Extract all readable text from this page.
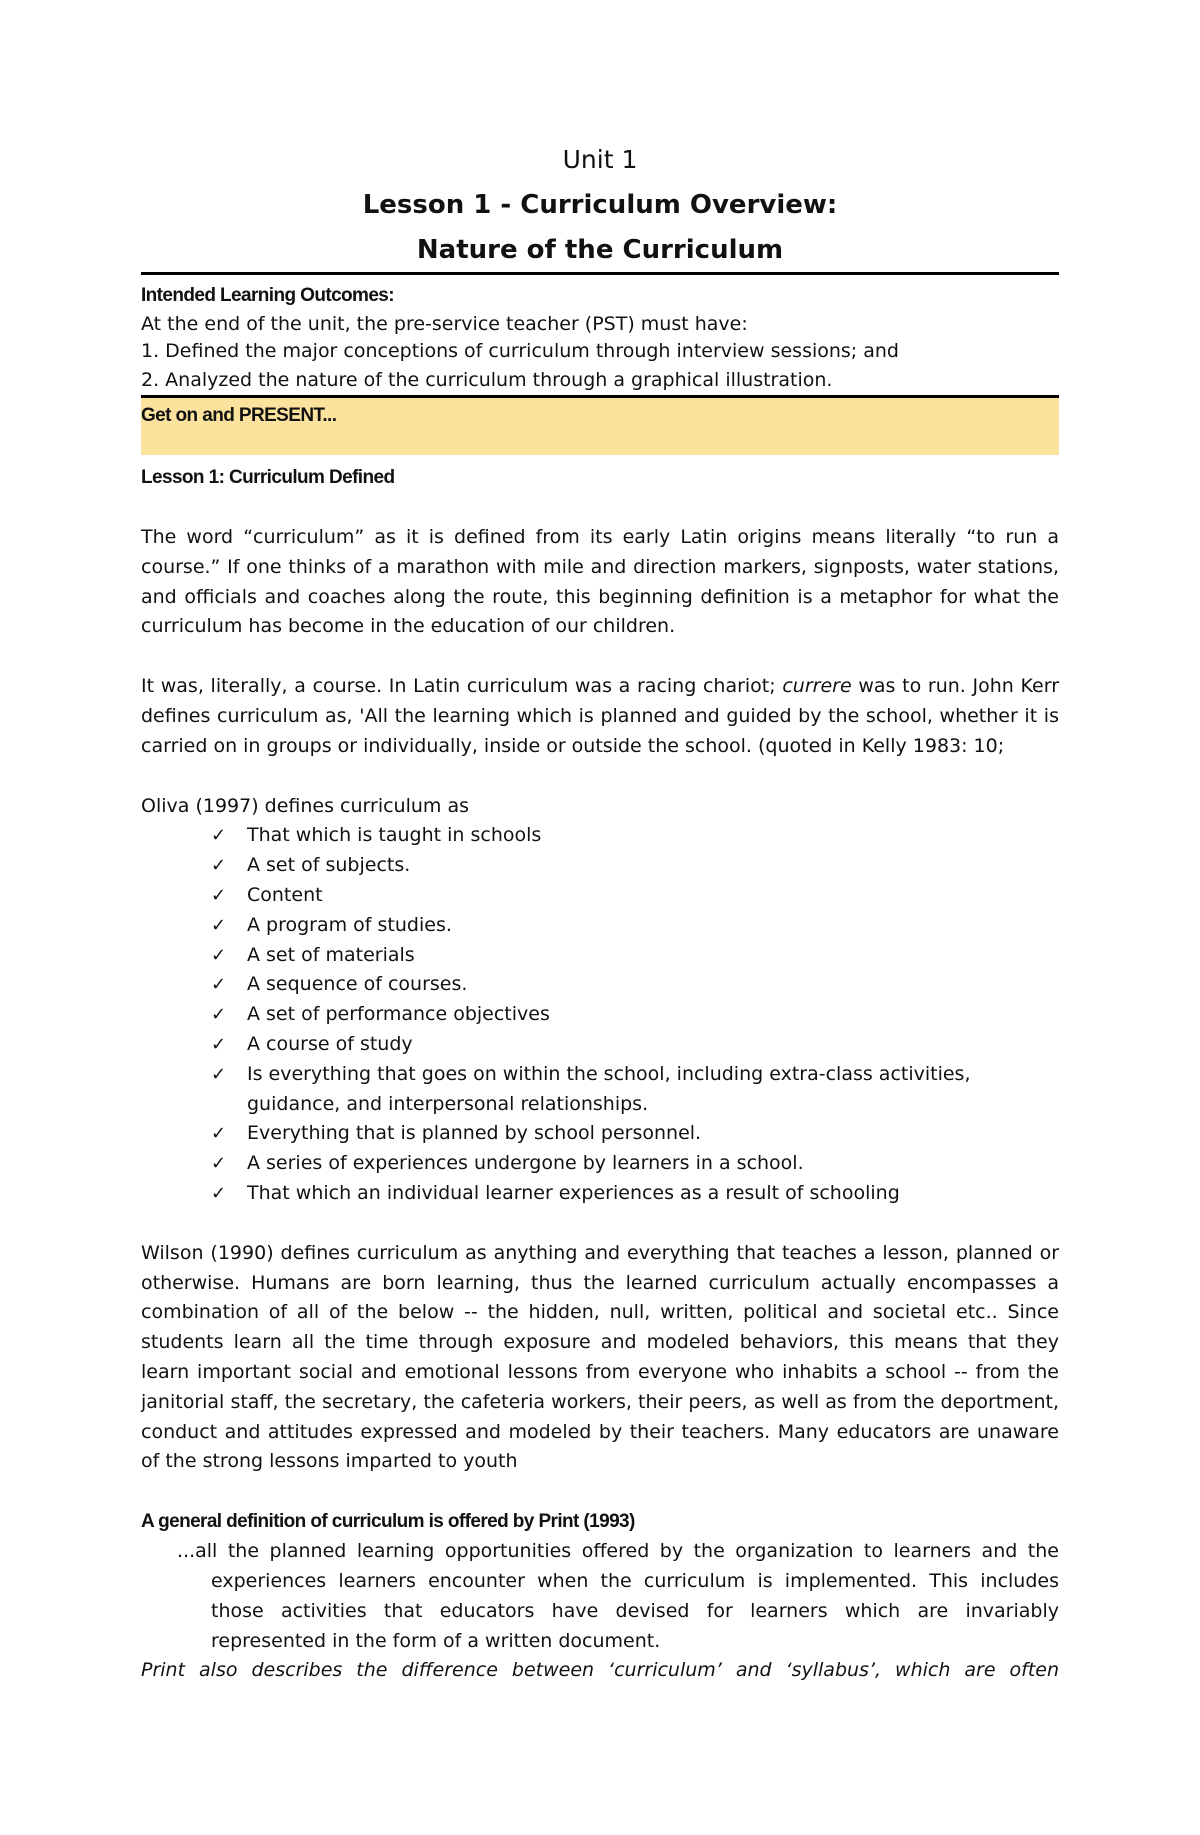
Unit 1
Lesson 1 - Curriculum Overview:
Nature of the Curriculum
Intended Learning Outcomes:
At the end of the unit, the pre-service teacher (PST) must have:
1. Defined the major conceptions of curriculum through interview sessions; and
2. Analyzed the nature of the curriculum through a graphical illustration.
Get on and PRESENT...
Lesson 1: Curriculum Defined

The word “curriculum” as it is defined from its early Latin origins means literally “to run a course.” If one thinks of a marathon with mile and direction markers, signposts, water stations, and officials and coaches along the route, this beginning definition is a metaphor for what the curriculum has become in the education of our children.

It was, literally, a course. In Latin curriculum was a racing chariot; currere was to run. John Kerr defines curriculum as, 'All the learning which is planned and guided by the school, whether it is carried on in groups or individually, inside or outside the school. (quoted in Kelly 1983: 10;

Oliva (1997) defines curriculum as

✓ That which is taught in schools
✓ A set of subjects.
✓ Content
✓ A program of studies.
✓ A set of materials
✓ A sequence of courses.
✓ A set of performance objectives
✓ A course of study
✓ Is everything that goes on within the school, including extra-class activities, guidance, and interpersonal relationships.
✓ Everything that is planned by school personnel.
✓ A series of experiences undergone by learners in a school.
✓ That which an individual learner experiences as a result of schooling

Wilson (1990) defines curriculum as anything and everything that teaches a lesson, planned or otherwise. Humans are born learning, thus the learned curriculum actually encompasses a combination of all of the below -- the hidden, null, written, political and societal etc.. Since students learn all the time through exposure and modeled behaviors, this means that they learn important social and emotional lessons from everyone who inhabits a school -- from the janitorial staff, the secretary, the cafeteria workers, their peers, as well as from the deportment, conduct and attitudes expressed and modeled by their teachers. Many educators are unaware of the strong lessons imparted to youth

A general definition of curriculum is offered by Print (1993)

...all the planned learning opportunities offered by the organization to learners and the experiences learners encounter when the curriculum is implemented. This includes those activities that educators have devised for learners which are invariably represented in the form of a written document.

Print also describes the difference between ‘curriculum’ and ‘syllabus’, which are often
